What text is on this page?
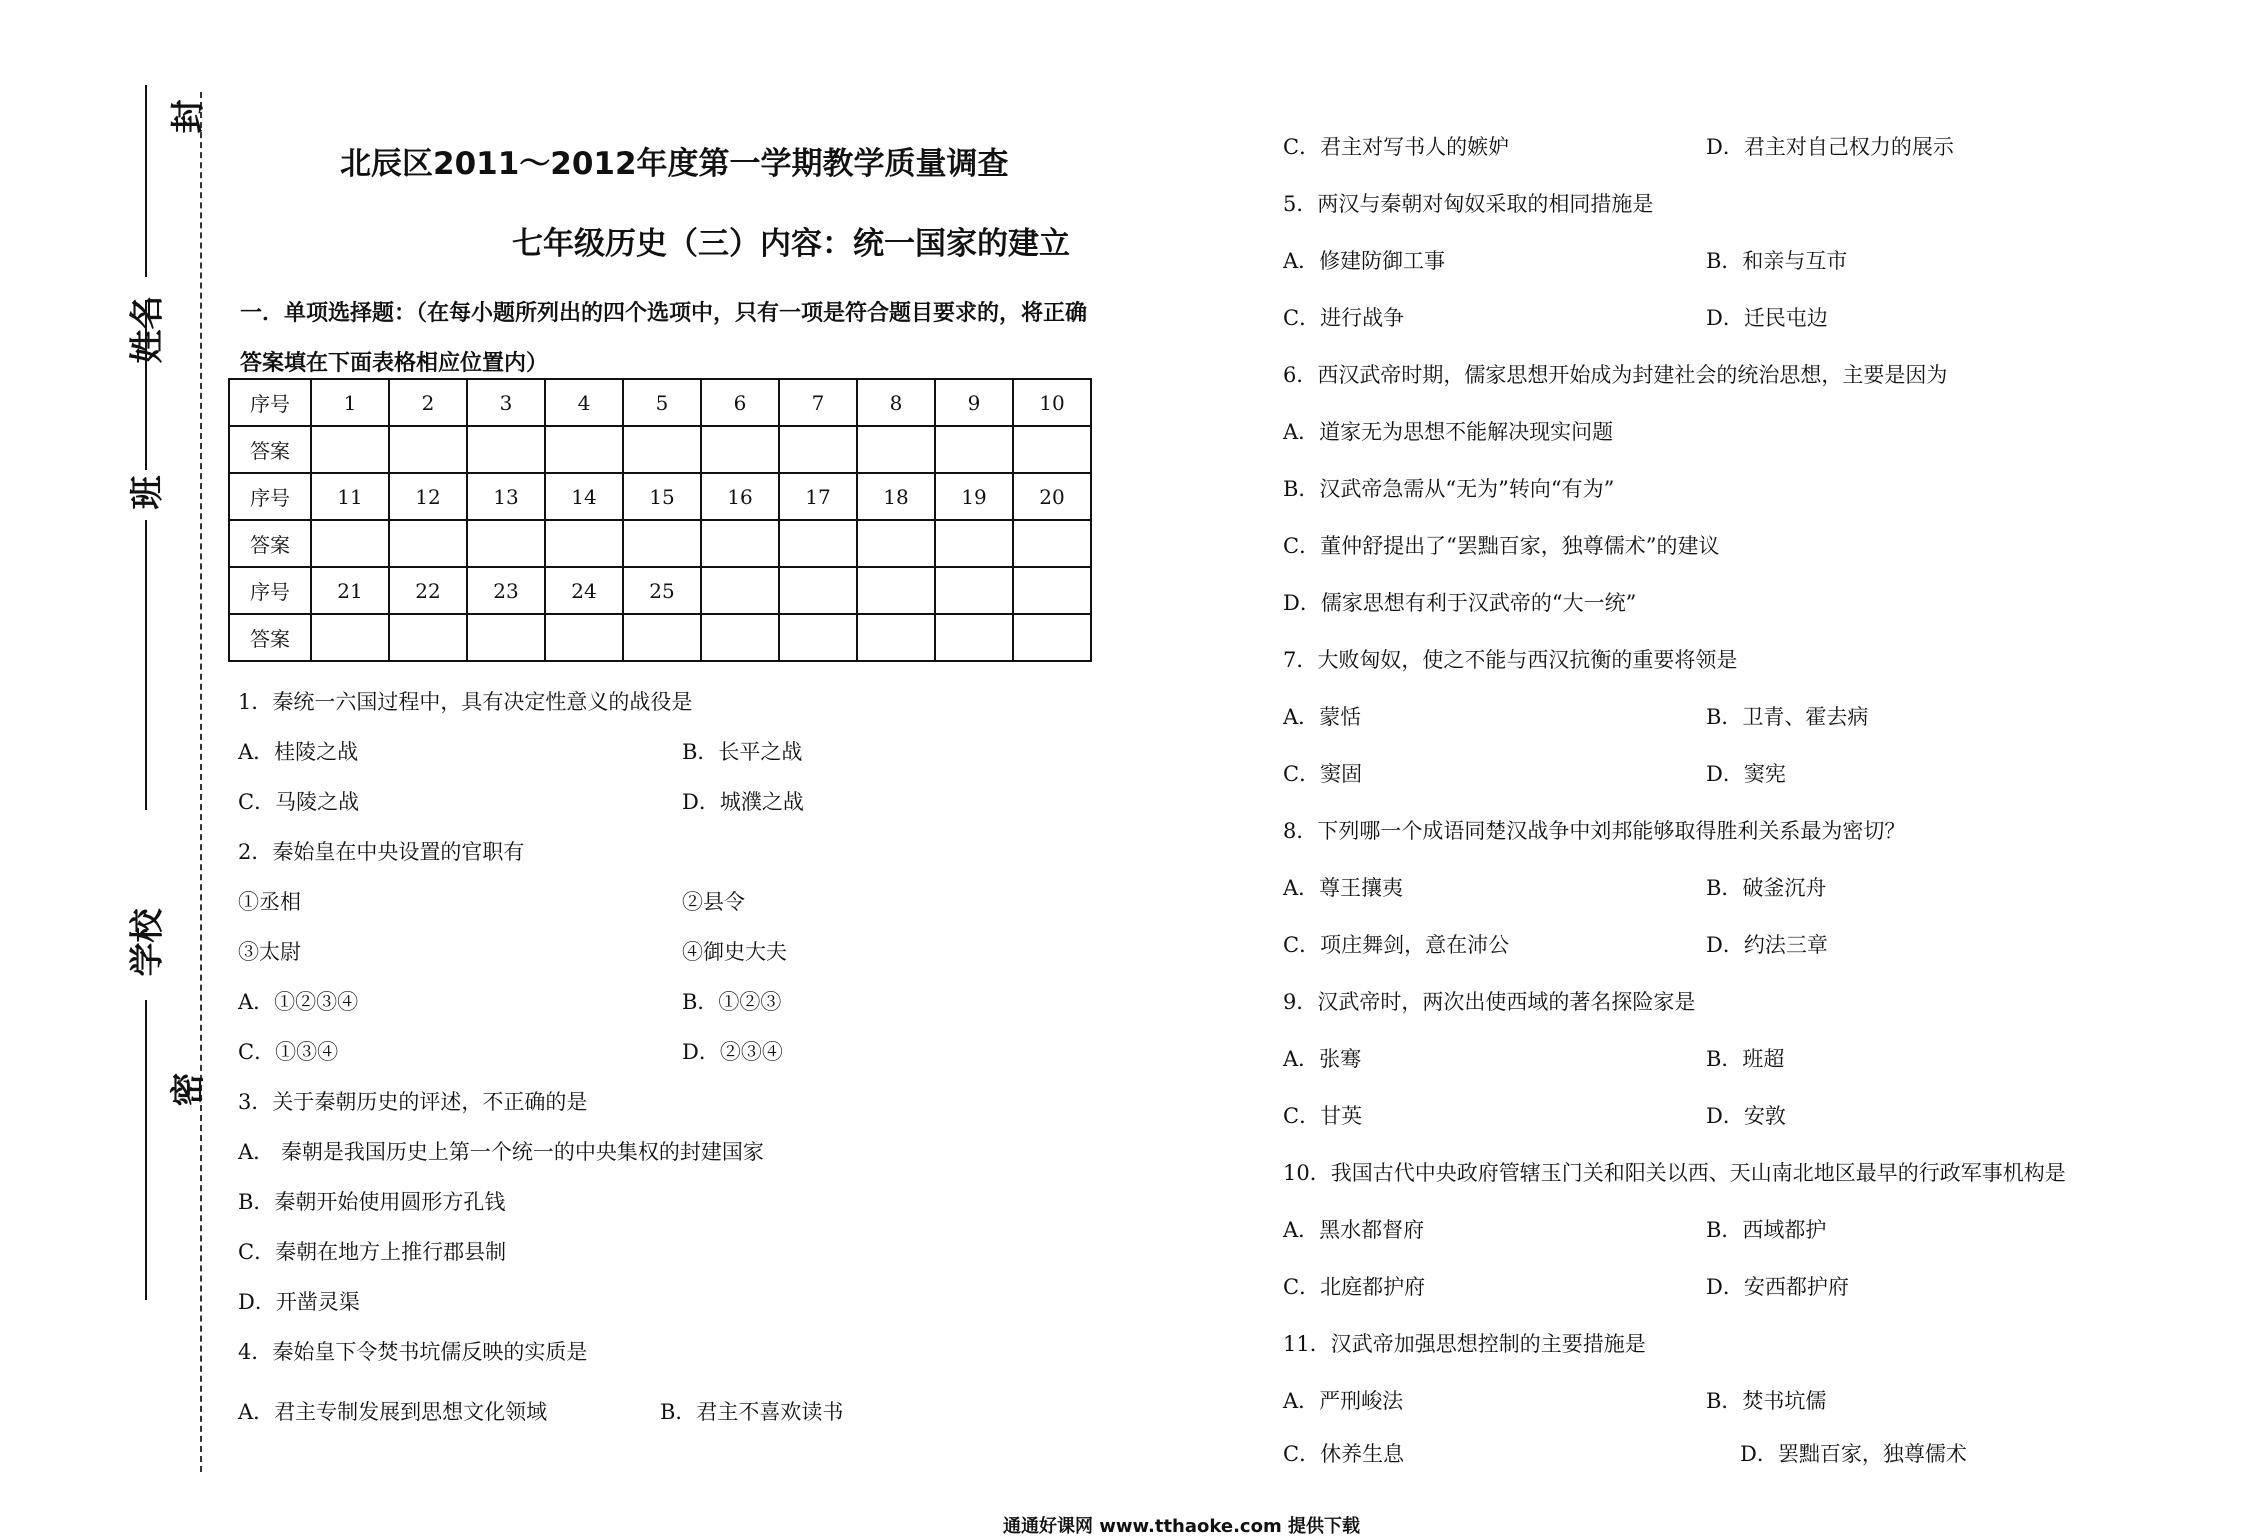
封
姓名
班
学校
密
北辰区2011～2012年度第一学期教学质量调查
七年级历史（三）内容：统一国家的建立
一．单项选择题：（在每小题所列出的四个选项中，只有一项是符合题目要求的，将正确
答案填在下面表格相应位置内）
序号	1	2	3	4	5	6	7	8	9	10
答案										
序号	11	12	13	14	15	16	17	18	19	20
答案										
序号	21	22	23	24	25					
答案										
1．秦统一六国过程中，具有决定性意义的战役是
A．桂陵之战	B．长平之战
C．马陵之战	D．城濮之战
2．秦始皇在中央设置的官职有
①丞相	②县令
③太尉	④御史大夫
A．①②③④	B．①②③
C．①③④	D．②③④
3．关于秦朝历史的评述，不正确的是
A． 秦朝是我国历史上第一个统一的中央集权的封建国家
B．秦朝开始使用圆形方孔钱
C．秦朝在地方上推行郡县制
D．开凿灵渠
4．秦始皇下令焚书坑儒反映的实质是
A．君主专制发展到思想文化领域	B．君主不喜欢读书
C．君主对写书人的嫉妒	D．君主对自己权力的展示
5．两汉与秦朝对匈奴采取的相同措施是
A．修建防御工事	B．和亲与互市
C．进行战争	D．迁民屯边
6．西汉武帝时期，儒家思想开始成为封建社会的统治思想，主要是因为
A．道家无为思想不能解决现实问题
B．汉武帝急需从“无为”转向“有为”
C．董仲舒提出了“罢黜百家，独尊儒术”的建议
D．儒家思想有利于汉武帝的“大一统”
7．大败匈奴，使之不能与西汉抗衡的重要将领是
A．蒙恬	B．卫青、霍去病
C．窦固	D．窦宪
8．下列哪一个成语同楚汉战争中刘邦能够取得胜利关系最为密切？
A．尊王攘夷	B．破釜沉舟
C．项庄舞剑，意在沛公	D．约法三章
9．汉武帝时，两次出使西域的著名探险家是
A．张骞	B．班超
C．甘英	D．安敦
10．我国古代中央政府管辖玉门关和阳关以西、天山南北地区最早的行政军事机构是
A．黑水都督府	B．西域都护
C．北庭都护府	D．安西都护府
11．汉武帝加强思想控制的主要措施是
A．严刑峻法	B．焚书坑儒
C．休养生息	D．罢黜百家，独尊儒术
通通好课网 www.tthaoke.com 提供下载
